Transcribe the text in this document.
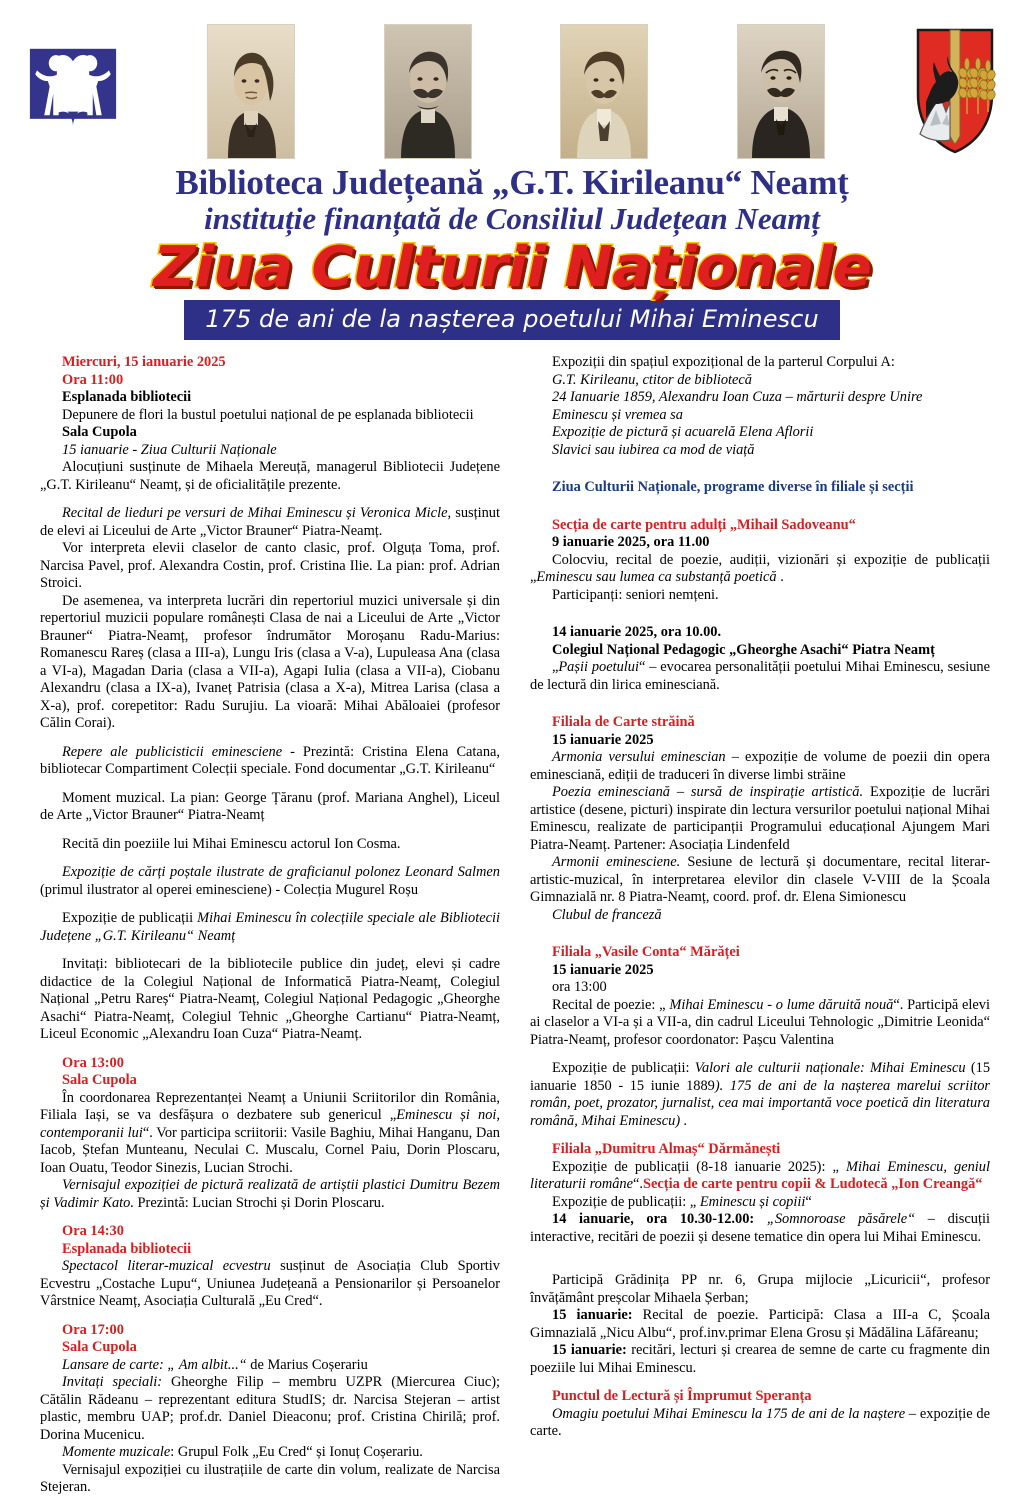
Biblioteca Județeană „G.T. Kirileanu“ Neamț
instituție finanțată de Consiliul Județean Neamț
Ziua Culturii Naționale
175 de ani de la nașterea poetului Mihai Eminescu

Miercuri, 15 ianuarie 2025

Ora 11:00

Esplanada bibliotecii

Depunere de flori la bustul poetului național de pe esplanada bibliotecii

Sala Cupola

15 ianuarie - Ziua Culturii Naționale

Alocuțiuni susținute de Mihaela Mereuță, managerul Bibliotecii Județene „G.T. Kirileanu“ Neamț, și de oficialitățile prezente.

Recital de lieduri pe versuri de Mihai Eminescu și Veronica Micle, susținut de elevi ai Liceului de Arte „Victor Brauner“ Piatra-Neamț.

Vor interpreta elevii claselor de canto clasic, prof. Olguța Toma, prof. Narcisa Pavel, prof. Alexandra Costin, prof. Cristina Ilie. La pian: prof. Adrian Stroici.

De asemenea, va interpreta lucrări din repertoriul muzici universale și din repertoriul muzicii populare românești Clasa de nai a Liceului de Arte „Victor Brauner“ Piatra-Neamț, profesor îndrumător Moroșanu Radu-Marius: Romanescu Rareș (clasa a III-a), Lungu Iris (clasa a V-a), Lupuleasa Ana (clasa a VI-a), Magadan Daria (clasa a VII-a), Agapi Iulia (clasa a VII-a), Ciobanu Alexandru (clasa a IX-a), Ivaneț Patrisia (clasa a X-a), Mitrea Larisa (clasa a X-a), prof. corepetitor: Radu Surujiu. La vioară: Mihai Abăloaiei (profesor Călin Corai).

Repere ale publicisticii eminesciene - Prezintă: Cristina Elena Catana, bibliotecar Compartiment Colecții speciale. Fond documentar „G.T. Kirileanu“

Moment muzical. La pian: George Țăranu (prof. Mariana Anghel), Liceul de Arte „Victor Brauner“ Piatra-Neamț

Recită din poeziile lui Mihai Eminescu actorul Ion Cosma.

Expoziție de cărți poștale ilustrate de graficianul polonez Leonard Salmen (primul ilustrator al operei eminesciene) - Colecția Mugurel Roșu

Expoziție de publicații Mihai Eminescu în colecțiile speciale ale Bibliotecii Județene „G.T. Kirileanu“ Neamț

Invitați: bibliotecari de la bibliotecile publice din județ, elevi și cadre didactice de la Colegiul Național de Informatică Piatra-Neamț, Colegiul Național „Petru Rareș“ Piatra-Neamț, Colegiul Național Pedagogic „Gheorghe Asachi“ Piatra-Neamț, Colegiul Tehnic „Gheorghe Cartianu“ Piatra-Neamț, Liceul Economic „Alexandru Ioan Cuza“ Piatra-Neamț.

Ora 13:00

Sala Cupola

În coordonarea Reprezentanței Neamț a Uniunii Scriitorilor din România, Filiala Iași, se va desfășura o dezbatere sub genericul „Eminescu și noi, contemporanii lui“. Vor participa scriitorii: Vasile Baghiu, Mihai Hanganu, Dan Iacob, Ștefan Munteanu, Neculai C. Muscalu, Cornel Paiu, Dorin Ploscaru, Ioan Ouatu, Teodor Sinezis, Lucian Strochi.

Vernisajul expoziției de pictură realizată de artiștii plastici Dumitru Bezem și Vadimir Kato. Prezintă: Lucian Strochi și Dorin Ploscaru.

Ora 14:30

Esplanada bibliotecii

Spectacol literar-muzical ecvestru susținut de Asociația Club Sportiv Ecvestru „Costache Lupu“, Uniunea Județeană a Pensionarilor și Persoanelor Vârstnice Neamț, Asociația Culturală „Eu Cred“.

Ora 17:00

Sala Cupola

Lansare de carte: „ Am albit...“ de Marius Coșerariu

Invitați speciali: Gheorghe Filip – membru UZPR (Miercurea Ciuc); Cătălin Rădeanu – reprezentant editura StudIS; dr. Narcisa Stejeran – artist plastic, membru UAP; prof.dr. Daniel Dieaconu; prof. Cristina Chirilă; prof. Dorina Mucenicu.

Momente muzicale: Grupul Folk „Eu Cred“ și Ionuț Coșerariu.

Vernisajul expoziției cu ilustrațiile de carte din volum, realizate de Narcisa Stejeran.

Expoziții din spațiul expozițional de la parterul Corpului A:

G.T. Kirileanu, ctitor de bibliotecă

24 Ianuarie 1859, Alexandru Ioan Cuza – mărturii despre Unire

Eminescu și vremea sa

Expoziție de pictură și acuarelă Elena Aflorii

Slavici sau iubirea ca mod de viață

Ziua Culturii Naționale, programe diverse în filiale și secții

Secția de carte pentru adulți „Mihail Sadoveanu“

9 ianuarie 2025, ora 11.00

Colocviu, recital de poezie, audiții, vizionări și expoziție de publicații „Eminescu sau lumea ca substanță poetică .

Participanți: seniori nemțeni.

14 ianuarie 2025, ora 10.00.

Colegiul Național Pedagogic „Gheorghe Asachi“ Piatra Neamț

„Pașii poetului“ – evocarea personalității poetului Mihai Eminescu, sesiune de lectură din lirica eminesciană.

Filiala de Carte străină

15 ianuarie 2025

Armonia versului eminescian – expoziție de volume de poezii din opera eminesciană, ediții de traduceri în diverse limbi străine

Poezia eminesciană – sursă de inspirație artistică. Expoziție de lucrări artistice (desene, picturi) inspirate din lectura versurilor poetului național Mihai Eminescu, realizate de participanții Programului educațional Ajungem Mari Piatra-Neamț. Partener: Asociația Lindenfeld

Armonii eminesciene. Sesiune de lectură și documentare, recital literar-artistic-muzical, în interpretarea elevilor din clasele V-VIII de la Școala Gimnazială nr. 8 Piatra-Neamț, coord. prof. dr. Elena Simionescu

Clubul de franceză

Filiala „Vasile Conta“ Mărăței

15 ianuarie 2025

ora 13:00

Recital de poezie: „ Mihai Eminescu - o lume dăruită nouă“. Participă elevi ai claselor a VI-a și a VII-a, din cadrul Liceului Tehnologic „Dimitrie Leonida“ Piatra-Neamț, profesor coordonator: Pașcu Valentina

Expoziție de publicații: Valori ale culturii naționale: Mihai Eminescu (15 ianuarie 1850 - 15 iunie 1889). 175 de ani de la nașterea marelui scriitor român, poet, prozator, jurnalist, cea mai importantă voce poetică din literatura română, Mihai Eminescu) .

Filiala „Dumitru Almaș“ Dărmănești

Expoziție de publicații (8-18 ianuarie 2025): „ Mihai Eminescu, geniul literaturii române“.Secția de carte pentru copii & Ludotecă „Ion Creangă“

Expoziție de publicații: „ Eminescu și copiii“

14 ianuarie, ora 10.30-12.00: „Somnoroase păsărele“ – discuții interactive, recitări de poezii și desene tematice din opera lui Mihai Eminescu.

Participă Grădinița PP nr. 6, Grupa mijlocie „Licuricii“, profesor învățământ preșcolar Mihaela Șerban;

15 ianuarie: Recital de poezie. Participă: Clasa a III-a C, Școala Gimnazială „Nicu Albu“, prof.inv.primar Elena Grosu și Mădălina Lăfăreanu;

15 ianuarie: recitări, lecturi și crearea de semne de carte cu fragmente din poeziile lui Mihai Eminescu.

Punctul de Lectură și Împrumut Speranța

Omagiu poetului Mihai Eminescu la 175 de ani de la naștere – expoziție de carte.
